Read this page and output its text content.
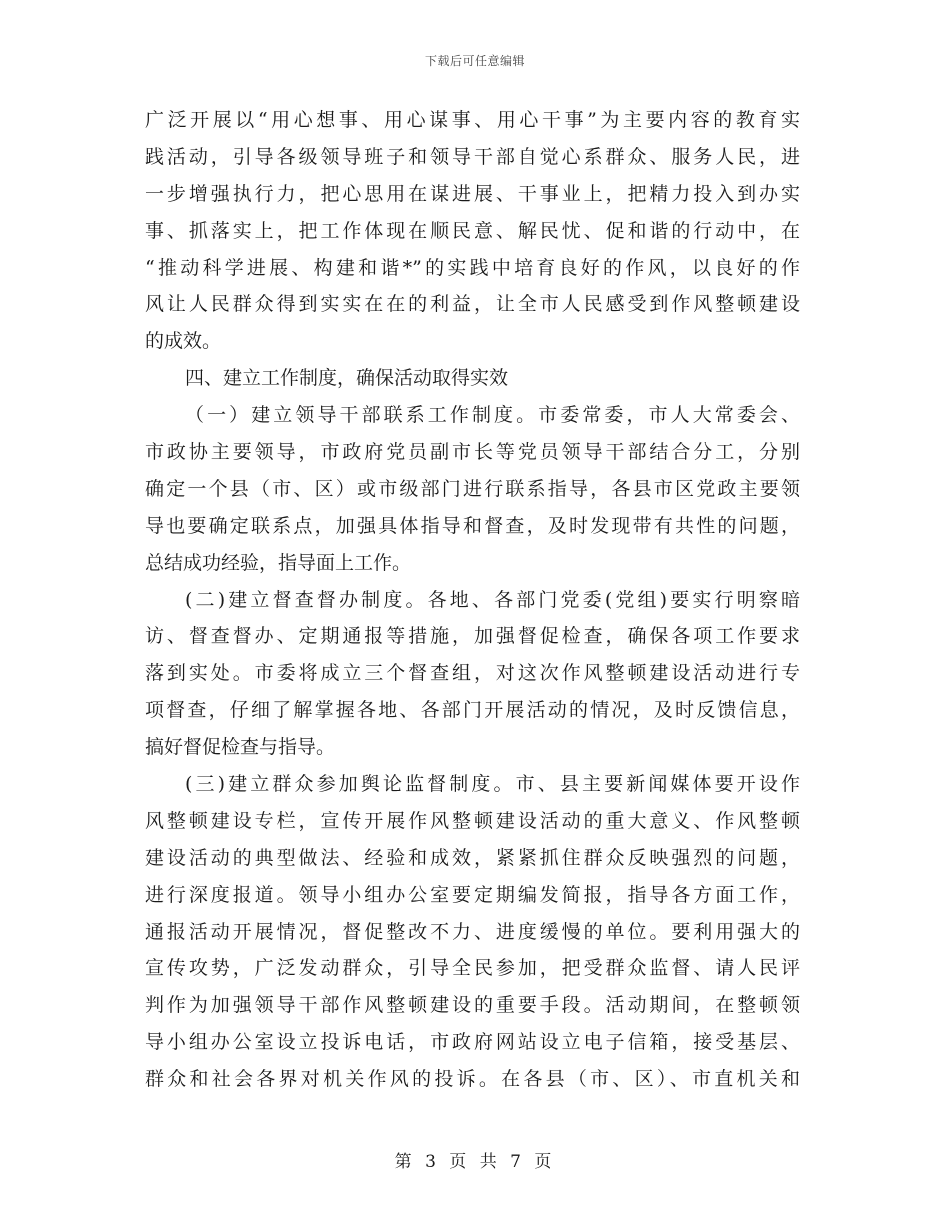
下载后可任意编辑
广泛开展以“用心想事、用心谋事、用心干事”为主要内容的教育实
践活动，引导各级领导班子和领导干部自觉心系群众、服务人民，进
一步增强执行力，把心思用在谋进展、干事业上，把精力投入到办实
事、抓落实上，把工作体现在顺民意、解民忧、促和谐的行动中，在
“推动科学进展、构建和谐*”的实践中培育良好的作风，以良好的作
风让人民群众得到实实在在的利益，让全市人民感受到作风整顿建设
的成效。
四、建立工作制度，确保活动取得实效
（一）建立领导干部联系工作制度。市委常委，市人大常委会、
市政协主要领导，市政府党员副市长等党员领导干部结合分工，分别
确定一个县（市、区）或市级部门进行联系指导，各县市区党政主要领
导也要确定联系点，加强具体指导和督查，及时发现带有共性的问题，
总结成功经验，指导面上工作。
(二)建立督查督办制度。各地、各部门党委(党组)要实行明察暗
访、督查督办、定期通报等措施，加强督促检查，确保各项工作要求
落到实处。市委将成立三个督查组，对这次作风整顿建设活动进行专
项督查，仔细了解掌握各地、各部门开展活动的情况，及时反馈信息，
搞好督促检查与指导。
(三)建立群众参加舆论监督制度。市、县主要新闻媒体要开设作
风整顿建设专栏，宣传开展作风整顿建设活动的重大意义、作风整顿
建设活动的典型做法、经验和成效，紧紧抓住群众反映强烈的问题，
进行深度报道。领导小组办公室要定期编发简报，指导各方面工作，
通报活动开展情况，督促整改不力、进度缓慢的单位。要利用强大的
宣传攻势，广泛发动群众，引导全民参加，把受群众监督、请人民评
判作为加强领导干部作风整顿建设的重要手段。活动期间，在整顿领
导小组办公室设立投诉电话，市政府网站设立电子信箱，接受基层、
群众和社会各界对机关作风的投诉。在各县（市、区）、市直机关和
第 3 页 共 7 页
